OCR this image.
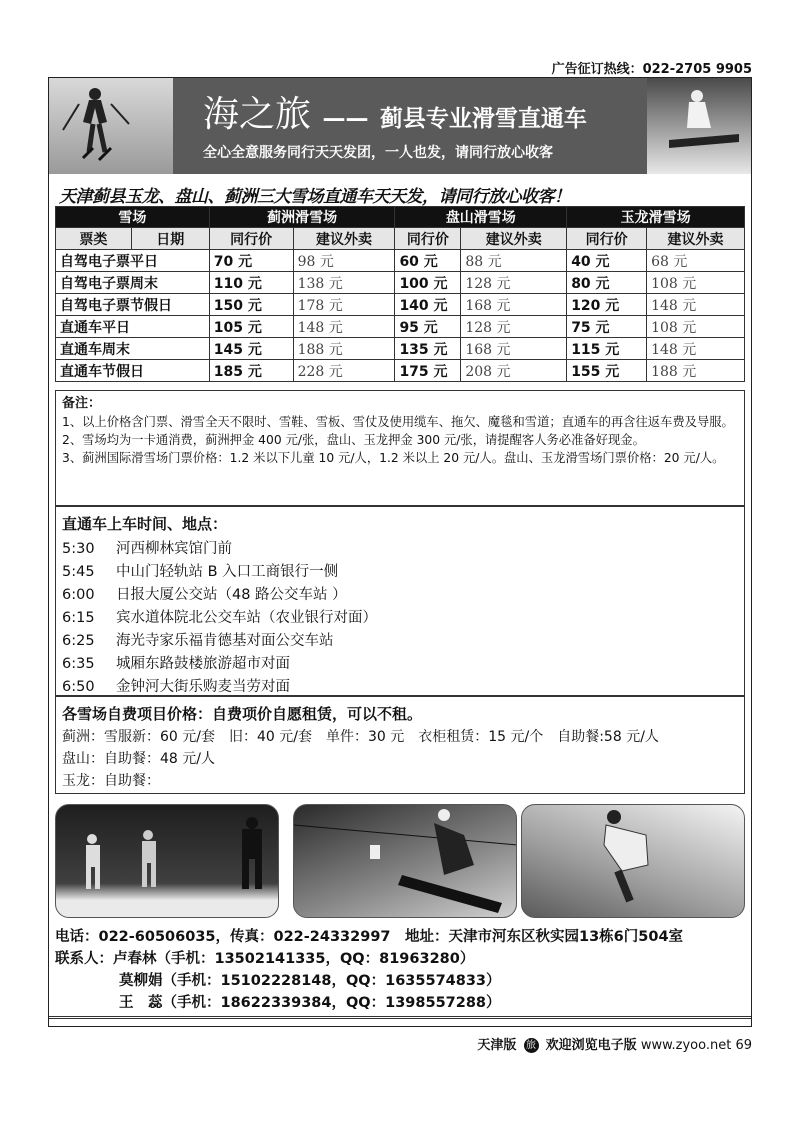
广告征订热线：022-2705 9905
海之旅 —— 蓟县专业滑雪直通车
全心全意服务同行天天发团，一人也发，请同行放心收客
天津蓟县玉龙、盘山、蓟洲三大雪场直通车天天发，请同行放心收客！
雪场		蓟洲滑雪场		盘山滑雪场		玉龙滑雪场	
票类	日期	同行价	建议外卖	同行价	建议外卖	同行价	建议外卖
自驾电子票平日		70 元	98 元	60 元	88 元	40 元	68 元
自驾电子票周末		110 元	138 元	100 元	128 元	80 元	108 元
自驾电子票节假日		150 元	178 元	140 元	168 元	120 元	148 元
直通车平日		105 元	148 元	95 元	128 元	75 元	108 元
直通车周末		145 元	188 元	135 元	168 元	115 元	148 元
直通车节假日		185 元	228 元	175 元	208 元	155 元	188 元
备注：
1、以上价格含门票、滑雪全天不限时、雪鞋、雪板、雪仗及使用缆车、拖欠、魔毯和雪道；直通车的再含往返车费及导服。
2、雪场均为一卡通消费，蓟洲押金 400 元/张，盘山、玉龙押金 300 元/张，请提醒客人务必准备好现金。
3、蓟洲国际滑雪场门票价格：1.2 米以下儿童 10 元/人，1.2 米以上 20 元/人。盘山、玉龙滑雪场门票价格：20 元/人。
直通车上车时间、地点：
5:30 河西柳林宾馆门前
5:45 中山门轻轨站 B 入口工商银行一侧
6:00 日报大厦公交站（48 路公交车站 ）
6:15 宾水道体院北公交车站（农业银行对面）
6:25 海光寺家乐福肯德基对面公交车站
6:35 城厢东路鼓楼旅游超市对面
6:50 金钟河大街乐购麦当劳对面
各雪场自费项目价格：自费项价自愿租赁，可以不租。
蓟洲：雪服新：60 元/套　旧：40 元/套　单件：30 元　衣柜租赁：15 元/个　自助餐:58 元/人
盘山：自助餐：48 元/人
玉龙：自助餐：
电话：022-60506035，传真：022-24332997　地址：天津市河东区秋实园13栋6门504室
联系人：卢春林（手机：13502141335，QQ：81963280）
莫柳娟（手机：15102228148，QQ：1635574833）
王　蕊（手机：18622339384，QQ：1398557288）
天津版 旅 欢迎浏览电子版 www.zyoo.net 69
